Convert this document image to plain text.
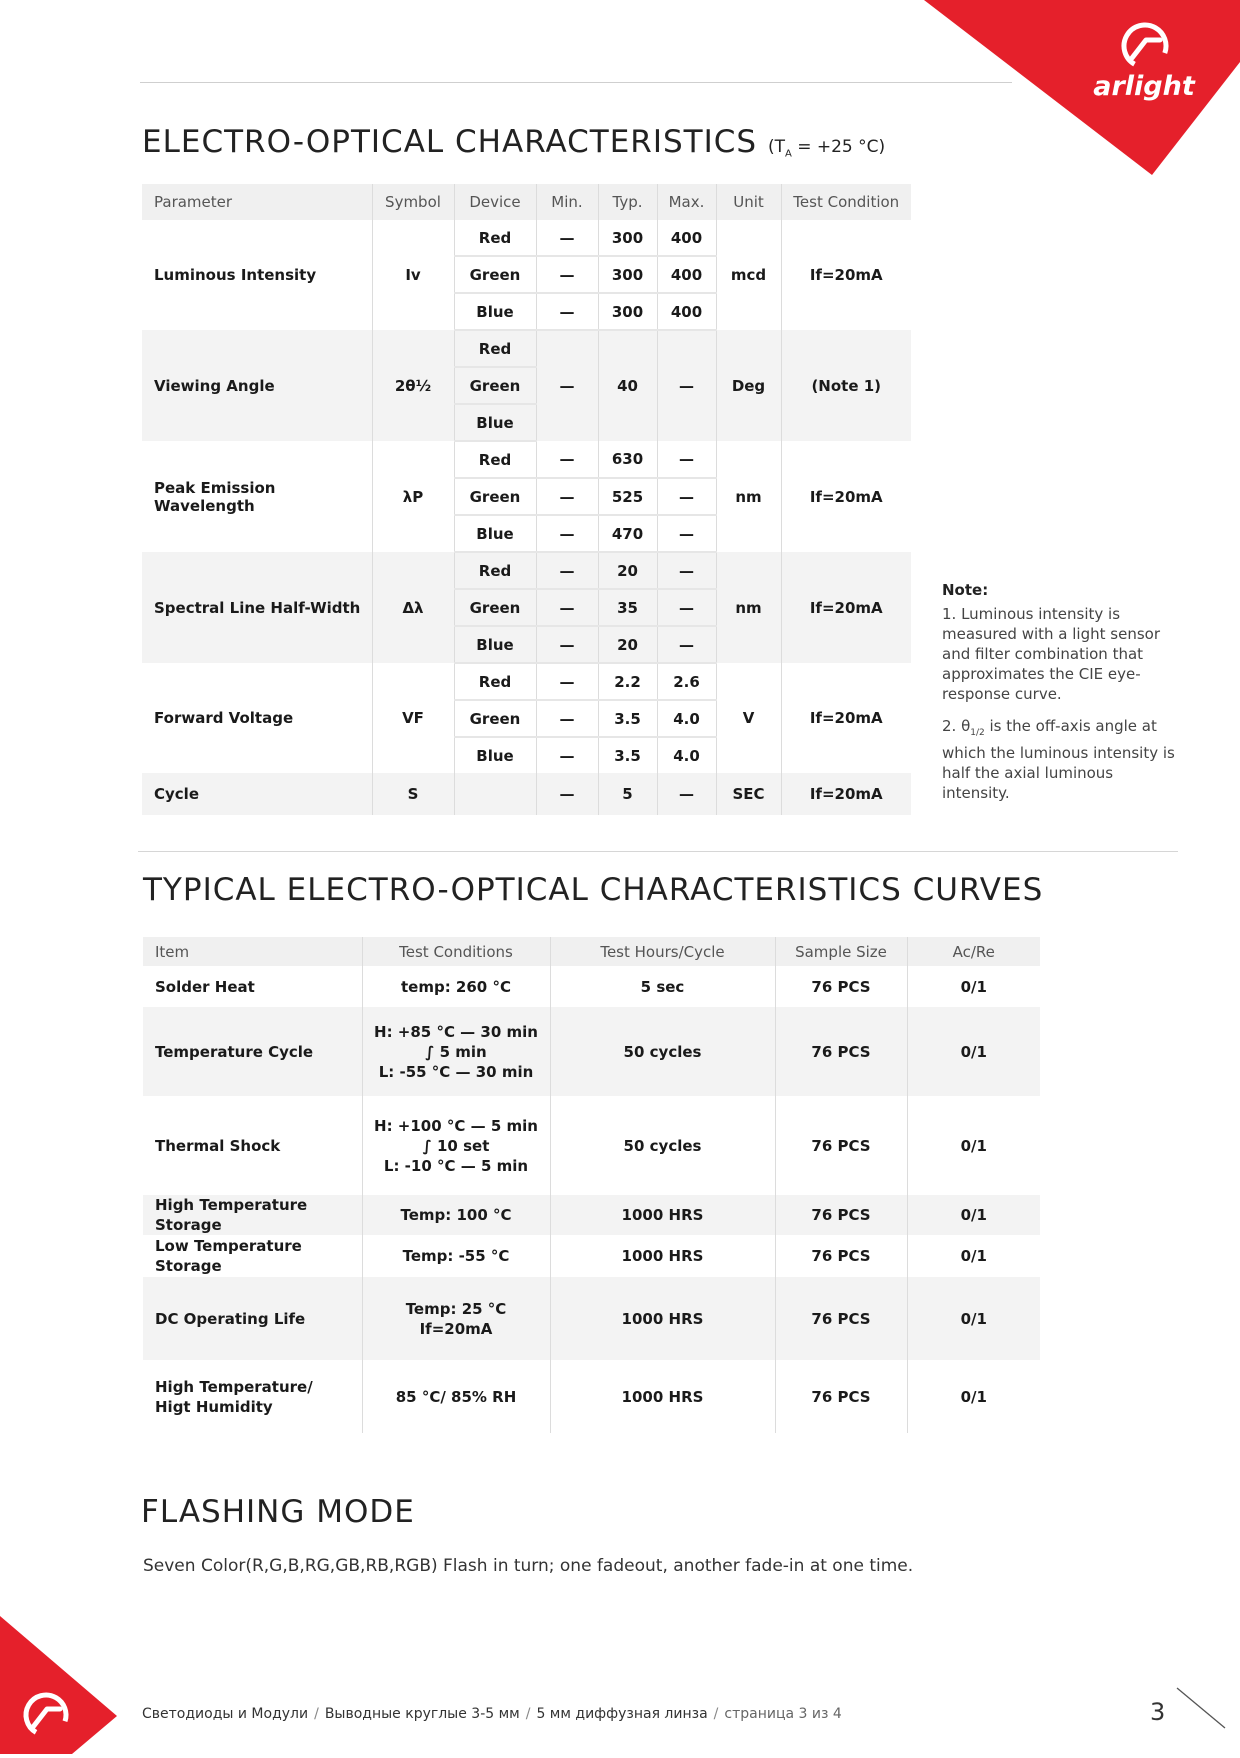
arlight
ELECTRO-OPTICAL CHARACTERISTICS ($T_A = +25$ °C)
Parameter	Symbol	Device	Min.	Typ.	Max.	Unit	Test Condition
Luminous Intensity	Iv	Red	—	300	400	mcd	If=20mA
		Green	—	300	400		
		Blue	—	300	400		
Viewing Angle	2θ½	Red	—	40	—	Deg	(Note 1)
		Green					
		Blue					
Peak Emission Wavelength	λP	Red	—	630	—	nm	If=20mA
		Green	—	525	—		
		Blue	—	470	—		
Spectral Line Half-Width	Δλ	Red	—	20	—	nm	If=20mA
		Green	—	35	—		
		Blue	—	20	—		
Forward Voltage	VF	Red	—	2.2	2.6	V	If=20mA
		Green	—	3.5	4.0		
		Blue	—	3.5	4.0		
Cycle	S		—	5	—	SEC	If=20mA
Note:

1. Luminous intensity is measured with a light sensor and filter combination that approximates the CIE eye-response curve.

2. $\theta_{1/2}$ is the off-axis angle at which the luminous intensity is half the axial luminous intensity.

TYPICAL ELECTRO-OPTICAL CHARACTERISTICS CURVES
Item	Test Conditions	Test Hours/Cycle	Sample Size	Ac/Re
Solder Heat	temp: 260 °C	5 sec	76 PCS	0/1
Temperature Cycle	H: +85 °C — 30 min
∫ 5 min
L: -55 °C — 30 min	50 cycles	76 PCS	0/1
Thermal Shock	H: +100 °C — 5 min
∫ 10 set
L: -10 °C — 5 min	50 cycles	76 PCS	0/1
High Temperature Storage	Temp: 100 °C	1000 HRS	76 PCS	0/1
Low Temperature Storage	Temp: -55 °C	1000 HRS	76 PCS	0/1
DC Operating Life	Temp: 25 °C
If=20mA	1000 HRS	76 PCS	0/1

High Temperature/
Higt Humidity	85 °C/ 85% RH	1000 HRS	76 PCS	0/1
FLASHING MODE
Seven Color(R,G,B,RG,GB,RB,RGB) Flash in turn; one fadeout, another fade-in at one time.
Светодиоды и Модули / Выводные круглые 3-5 мм / 5 мм диффузная линза / страница 3 из 4	3
